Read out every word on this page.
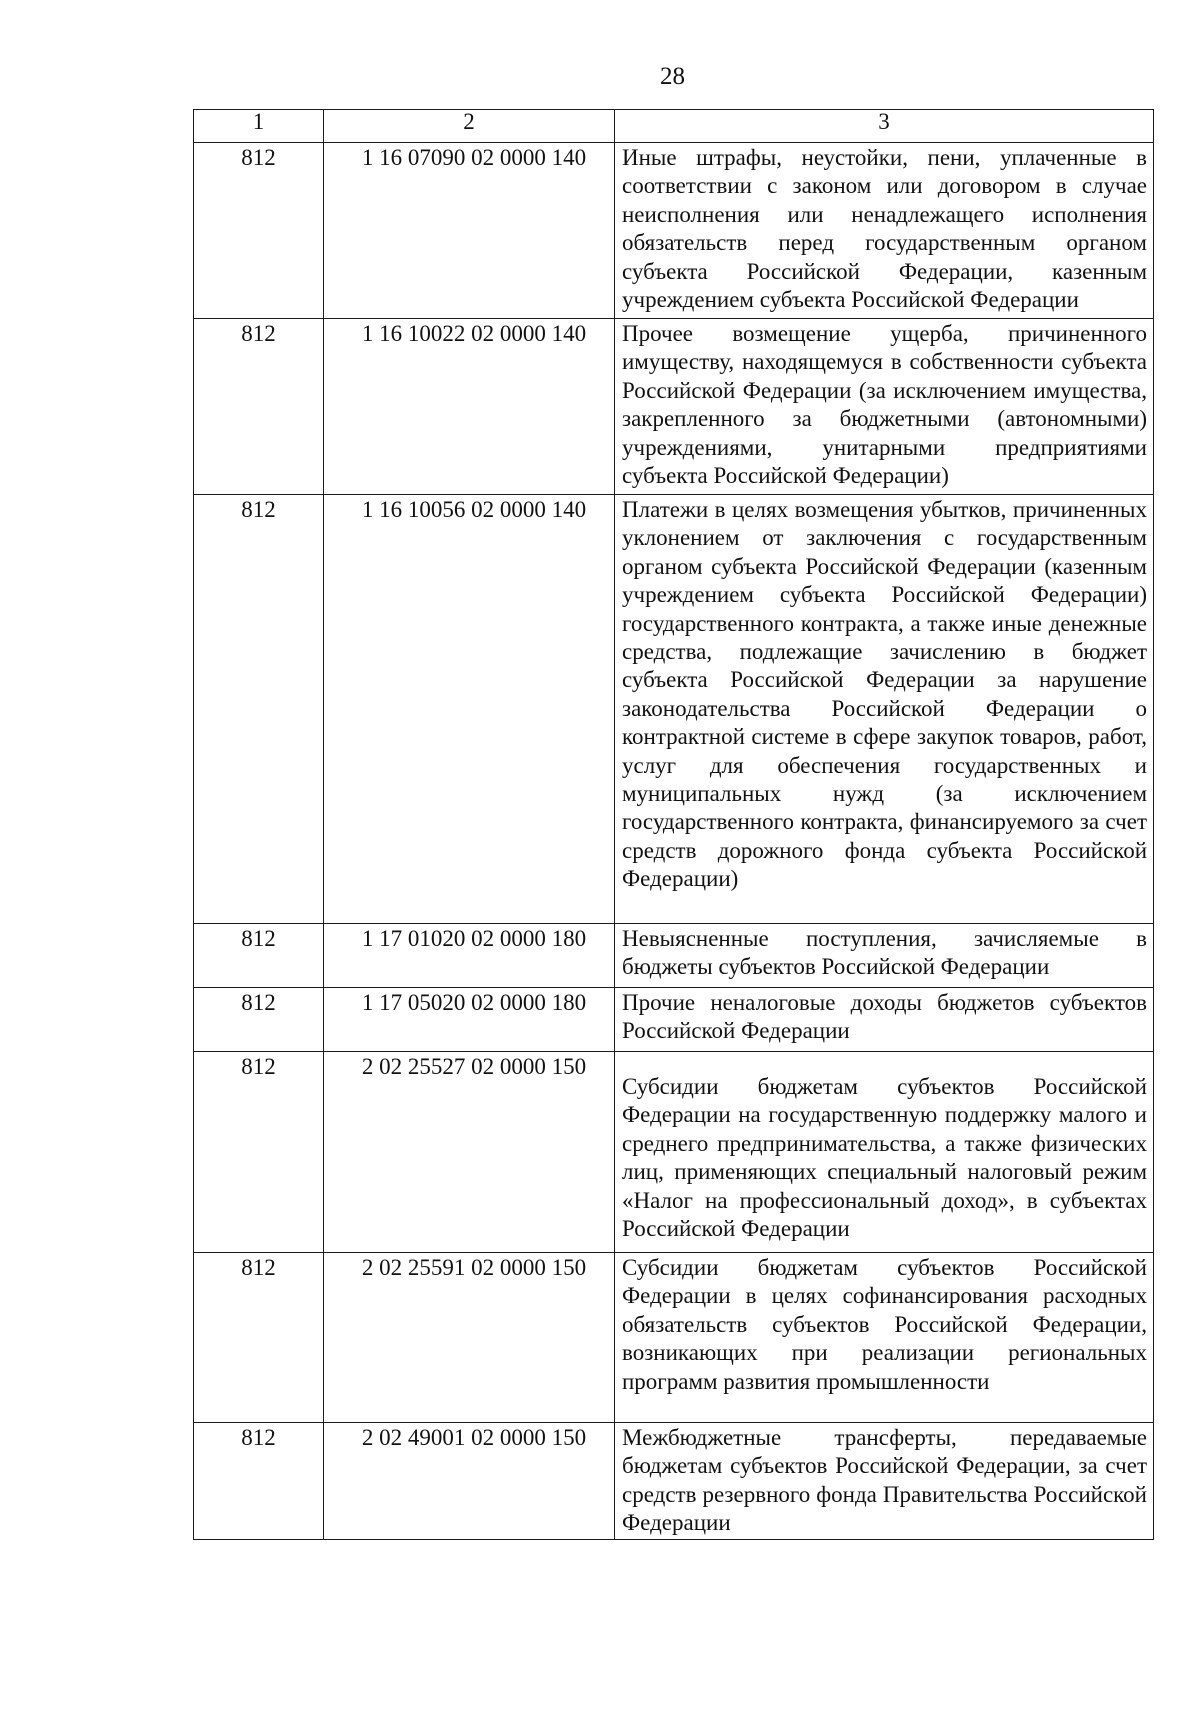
28
1	2	3
812	1 16 07090 02 0000 140	Иные штрафы, неустойки, пени, уплаченные в соответствии с законом или договором в случае неисполнения или ненадлежащего исполнения обязательств перед государственным органом субъекта Российской Федерации, казенным учреждением субъекта Российской Федерации

812	1 16 10022 02 0000 140	Прочее возмещение ущерба, причиненного имуществу, находящемуся в собственности субъекта Российской Федерации (за исключением имущества, закрепленного за бюджетными (автономными) учреждениями, унитарными предприятиями субъекта Российской Федерации)

812	1 16 10056 02 0000 140	Платежи в целях возмещения убытков, причиненных уклонением от заключения с государственным органом субъекта Российской Федерации (казенным учреждением субъекта Российской Федерации) государственного контракта, а также иные денежные средства, подлежащие зачислению в бюджет субъекта Российской Федерации за нарушение законодательства Российской Федерации о контрактной системе в сфере закупок товаров, работ, услуг для обеспечения государственных и муниципальных нужд (за исключением государственного контракта, финансируемого за счет средств дорожного фонда субъекта Российской Федерации)

812	1 17 01020 02 0000 180	Невыясненные поступления, зачисляемые в бюджеты субъектов Российской Федерации

812	1 17 05020 02 0000 180	Прочие неналоговые доходы бюджетов субъектов Российской Федерации

812	2 02 25527 02 0000 150	Субсидии бюджетам субъектов Российской Федерации на государственную поддержку малого и среднего предпринимательства, а также физических лиц, применяющих специальный налоговый режим «Налог на профессиональный доход», в субъектах Российской Федерации

812	2 02 25591 02 0000 150	Субсидии бюджетам субъектов Российской Федерации в целях софинансирования расходных обязательств субъектов Российской Федерации, возникающих при реализации региональных программ развития промышленности

812	2 02 49001 02 0000 150	Межбюджетные трансферты, передаваемые бюджетам субъектов Российской Федерации, за счет средств резервного фонда Правительства Российской Федерации
